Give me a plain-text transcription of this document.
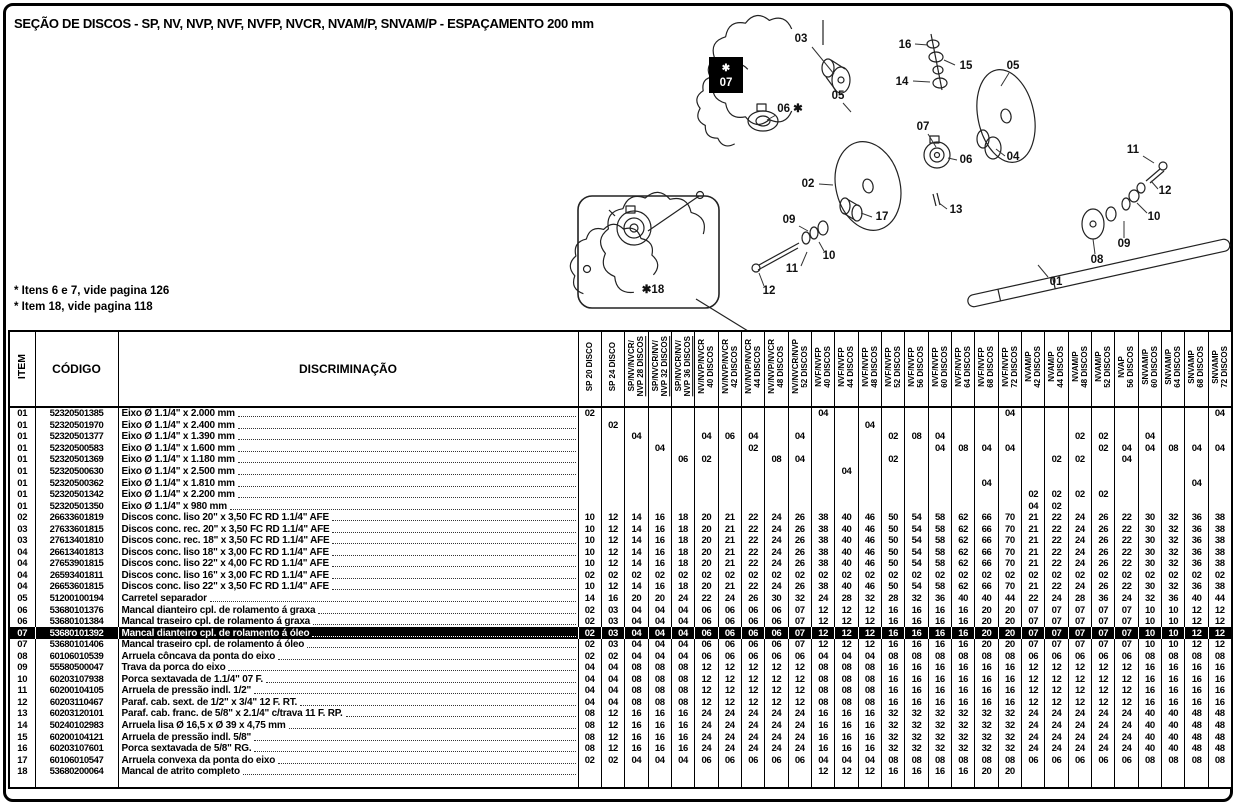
SEÇÃO DE DISCOS - SP, NV, NVP, NVF, NVFP, NVCR, NVAM/P, SNVAM/P - ESPAÇAMENTO 200 mm
03	16
15
14
05
05
07
06	04
02
17
13
09
10
11
12
01
08
09
10
11
12
06 ✱
✱18
✱
07
* Itens 6 e 7, vide pagina 126
* Item 18, vide pagina 118
ITEM	CÓDIGO	DISCRIMINAÇÃO	SP 20 DISCO	SP 24 DISCO	SP/NV/NVCR/ NVP 28 DISCOS	SP/NVCR/NV/ NVP 32 DISCOS	SP/NVCR/NV/ NVP 36 DISCOS	NV/NVP/NVCR 40 DISCOS	NV/NVP/NVCR 42 DISCOS	NV/NVP/NVCR 44 DISCOS	NV/NVP/NVCR 48 DISCOS	NV/NVCR/NVP 52 DISCOS	NVF/NVFP 40 DISCOS	NVF/NVFP 44 DISCOS	NVF/NVFP 48 DISCOS	NVF/NVFP 52 DISCOS	NVF/NVFP 56 DISCOS	NVF/NVFP 60 DISCOS	NVF/NVFP 64 DISCOS	NVF/NVFP 68 DISCOS	NVF/NVFP 72 DISCOS	NVAM/P 42 DISCOS	NVAM/P 44 DISCOS	NVAM/P 48 DISCOS	NVAM/P 52 DISCOS	NVAP 56 DISCOS	SNVAM/P 60 DISCOS	SNVAM/P 64 DISCOS	SNVAMP 68 DISCOS	SNVAMP 72 DISCOS

01	52320501385	Eixo Ø 1.1/4" x 2.000 mm	02										04								04									04
01	52320501970	Eixo Ø 1.1/4" x 2.400 mm		02											04															
01	52320501377	Eixo Ø 1.1/4" x 1.390 mm			04			04	06	04		04				02	08	04						02	02		04			
01	52320500583	Eixo Ø 1.1/4" x 1.600 mm				04				02								04	08	04	04				02	04	04	08	04	04
01	52320501369	Eixo Ø 1.1/4" x 1.180 mm					06	02			08	04				02							02	02		04				
01	52320500630	Eixo Ø 1.1/4" x 2.500 mm												04																
01	52320500362	Eixo Ø 1.1/4" x 1.810 mm																		04									04	
01	52320501342	Eixo Ø 1.1/4" x 2.200 mm																				02	02	02	02					
01	52320501350	Eixo Ø 1.1/4" x 980 mm																				04	02							
02	26633601819	Discos conc. liso 20" x 3,50 FC RD 1.1/4" AFE	10	12	14	16	18	20	21	22	24	26	38	40	46	50	54	58	62	66	70	21	22	24	26	22	30	32	36	38
03	27633601815	Discos conc. rec. 20" x 3,50 FC RD 1.1/4" AFE	10	12	14	16	18	20	21	22	24	26	38	40	46	50	54	58	62	66	70	21	22	24	26	22	30	32	36	38
03	27613401810	Discos conc. rec. 18" x 3,50 FC RD 1.1/4" AFE	10	12	14	16	18	20	21	22	24	26	38	40	46	50	54	58	62	66	70	21	22	24	26	22	30	32	36	38
04	26613401813	Discos conc. liso 18" x 3,00 FC RD 1.1/4" AFE	10	12	14	16	18	20	21	22	24	26	38	40	46	50	54	58	62	66	70	21	22	24	26	22	30	32	36	38
04	27653901815	Discos conc. liso 22" x 4,00 FC RD 1.1/4" AFE	10	12	14	16	18	20	21	22	24	26	38	40	46	50	54	58	62	66	70	21	22	24	26	22	30	32	36	38
04	26593401811	Discos conc. liso 16" x 3,00 FC RD 1.1/4" AFE	02	02	02	02	02	02	02	02	02	02	02	02	02	02	02	02	02	02	02	02	02	02	02	02	02	02	02	02
04	26653601815	Discos conc. liso 22" x 3,50 FC RD 1.1/4" AFE	10	12	14	16	18	20	21	22	24	26	38	40	46	50	54	58	62	66	70	21	22	24	26	22	30	32	36	38
05	51200100194	Carretel separador	14	16	20	20	24	22	24	26	30	32	24	28	32	28	32	36	40	40	44	22	24	28	36	24	32	36	40	44
06	53680101376	Mancal dianteiro cpl. de rolamento á graxa	02	03	04	04	04	06	06	06	06	07	12	12	12	16	16	16	16	20	20	07	07	07	07	07	10	10	12	12
06	53680101384	Mancal traseiro cpl. de rolamento á graxa	02	03	04	04	04	06	06	06	06	07	12	12	12	16	16	16	16	20	20	07	07	07	07	07	10	10	12	12
07	53680101392	Mancal dianteiro cpl. de rolamento á óleo	02	03	04	04	04	06	06	06	06	07	12	12	12	16	16	16	16	20	20	07	07	07	07	07	10	10	12	12
07	53680101406	Mancal traseiro cpl. de rolamento á óleo	02	03	04	04	04	06	06	06	06	07	12	12	12	16	16	16	16	20	20	07	07	07	07	07	10	10	12	12
08	60106010539	Arruela côncava da ponta do eixo	02	02	04	04	04	06	06	06	06	06	04	04	04	08	08	08	08	08	08	06	06	06	06	06	08	08	08	08
09	55580500047	Trava da porca do eixo	04	04	08	08	08	12	12	12	12	12	08	08	08	16	16	16	16	16	16	12	12	12	12	12	16	16	16	16
10	60203107938	Porca sextavada de 1.1/4" 07 F.	04	04	08	08	08	12	12	12	12	12	08	08	08	16	16	16	16	16	16	12	12	12	12	12	16	16	16	16
11	60200104105	Arruela de pressão indl. 1/2"	04	04	08	08	08	12	12	12	12	12	08	08	08	16	16	16	16	16	16	12	12	12	12	12	16	16	16	16
12	60203110467	Paraf. cab. sext. de 1/2" x 3/4" 12 F. RT.	04	04	08	08	08	12	12	12	12	12	08	08	08	16	16	16	16	16	16	12	12	12	12	12	16	16	16	16
13	60203120101	Paraf. cab. franc. de 5/8" x 2.1/4" c/trava 11 F. RP.	08	12	16	16	16	24	24	24	24	24	16	16	16	32	32	32	32	32	32	24	24	24	24	24	40	40	48	48
14	50240102983	Arruela lisa Ø 16,5 x Ø 39 x 4,75 mm	08	12	16	16	16	24	24	24	24	24	16	16	16	32	32	32	32	32	32	24	24	24	24	24	40	40	48	48
15	60200104121	Arruela de pressão indl. 5/8"	08	12	16	16	16	24	24	24	24	24	16	16	16	32	32	32	32	32	32	24	24	24	24	24	40	40	48	48
16	60203107601	Porca sextavada de 5/8" RG.	08	12	16	16	16	24	24	24	24	24	16	16	16	32	32	32	32	32	32	24	24	24	24	24	40	40	48	48
17	60106010547	Arruela convexa da ponta do eixo	02	02	04	04	04	06	06	06	06	06	04	04	04	08	08	08	08	08	08	06	06	06	06	06	08	08	08	08
18	53680200064	Mancal de atrito completo											12	12	12	16	16	16	16	20	20									
